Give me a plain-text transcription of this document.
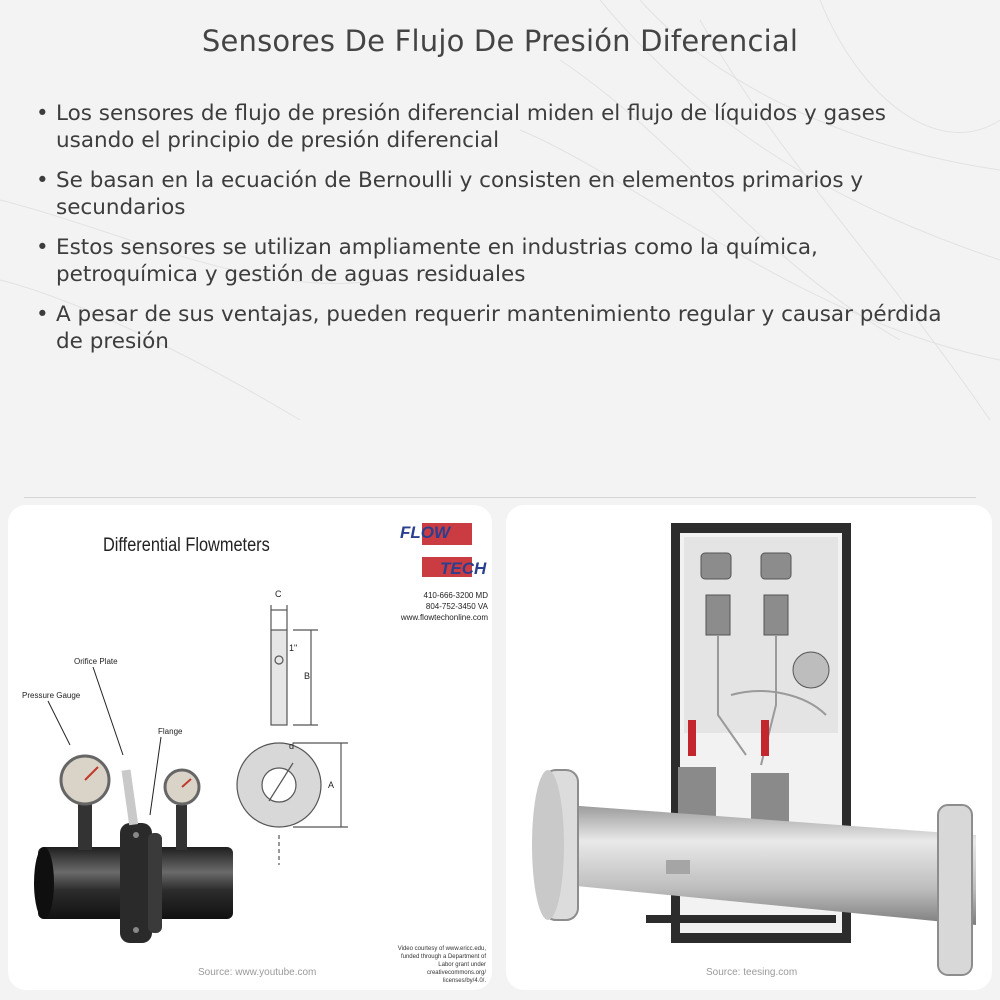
Sensores De Flujo De Presión Diferencial
• Los sensores de flujo de presión diferencial miden el flujo de líquidos y gases usando el principio de presión diferencial
• Se basan en la ecuación de Bernoulli y consisten en elementos primarios y secundarios
• Estos sensores se utilizan ampliamente en industrias como la química, petroquímica y gestión de aguas residuales
• A pesar de sus ventajas, pueden requerir mantenimiento regular y causar pérdida de presión
Differential Flowmeters
FLOW
TECH
410-666-3200 MD
804-752-3450 VA
www.flowtechonline.com
Orifice Plate
Pressure Gauge
Flange
C
1"
B
d
A
Video courtesy of www.ericc.edu, funded through a Department of Labor grant under creativecommons.org/ licenses/by/4.0/.
Source: www.youtube.com	Source: teesing.com
